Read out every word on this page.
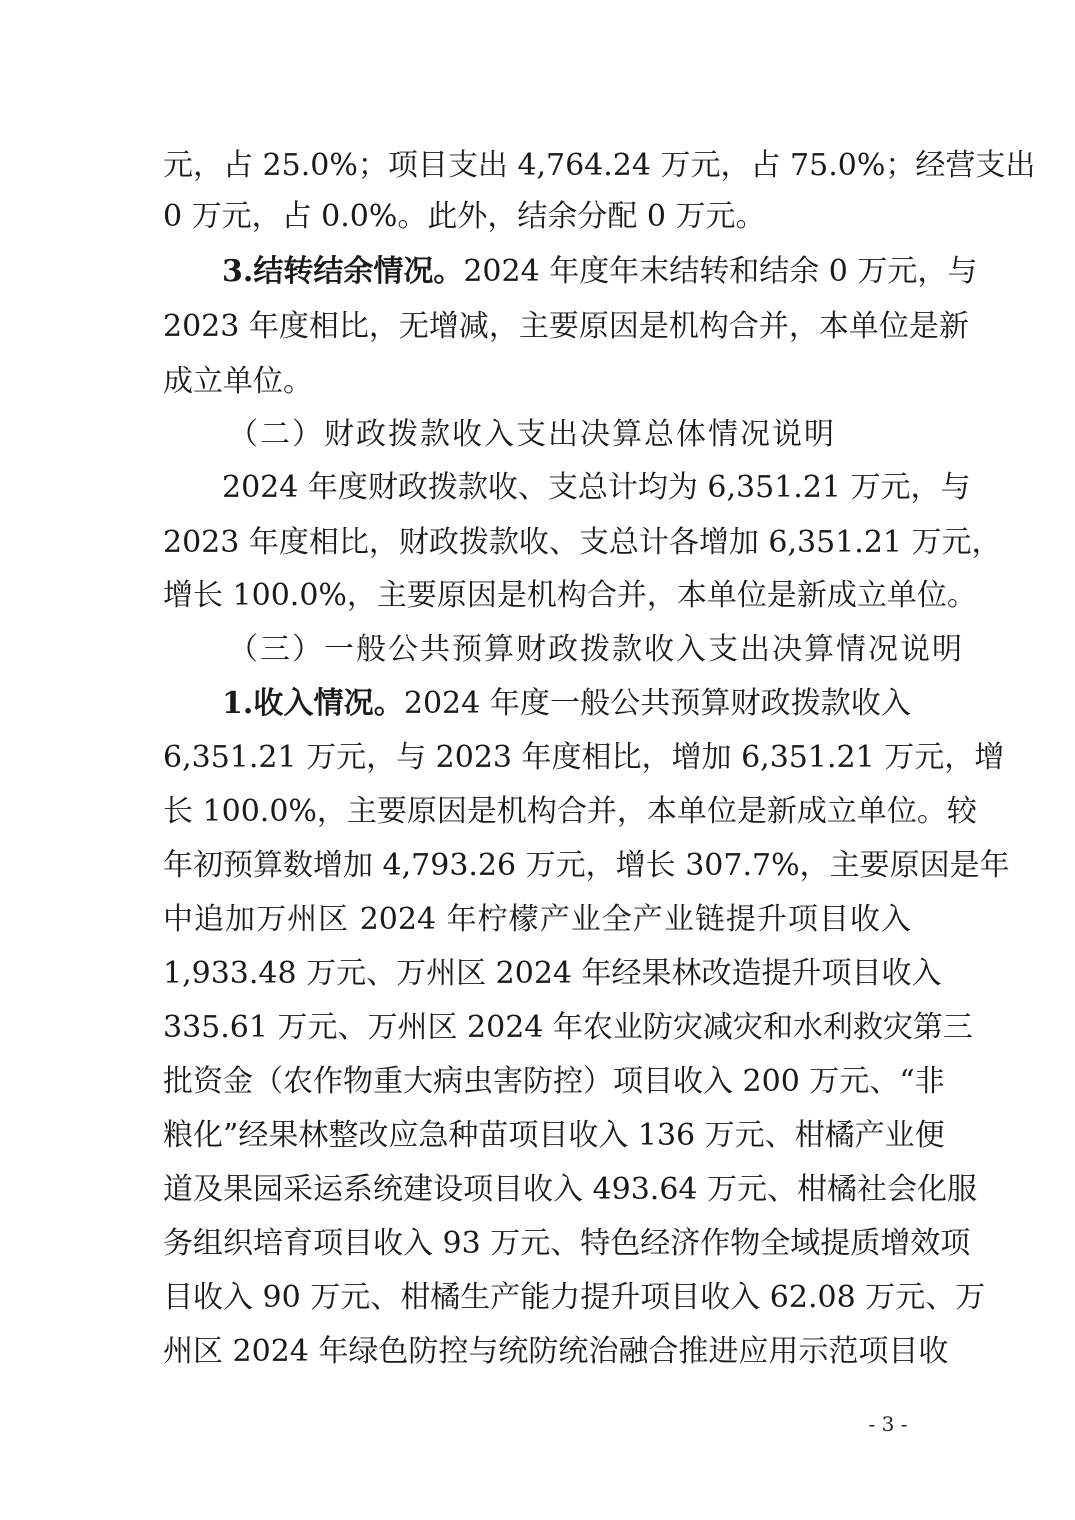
元，占 25.0%；项目支出 4,764.24 万元，占 75.0%；经营支出
0 万元，占 0.0%。此外，结余分配 0 万元。
3.结转结余情况。2024 年度年末结转和结余 0 万元，与
2023 年度相比，无增减，主要原因是机构合并，本单位是新
成立单位。
（二）财政拨款收入支出决算总体情况说明
2024 年度财政拨款收、支总计均为 6,351.21 万元，与
2023 年度相比，财政拨款收、支总计各增加 6,351.21 万元，
增长 100.0%，主要原因是机构合并，本单位是新成立单位。
（三）一般公共预算财政拨款收入支出决算情况说明
1.收入情况。2024 年度一般公共预算财政拨款收入
6,351.21 万元，与 2023 年度相比，增加 6,351.21 万元，增
长 100.0%，主要原因是机构合并，本单位是新成立单位。较
年初预算数增加 4,793.26 万元，增长 307.7%，主要原因是年
中追加万州区 2024 年柠檬产业全产业链提升项目收入
1,933.48 万元、万州区 2024 年经果林改造提升项目收入
335.61 万元、万州区 2024 年农业防灾减灾和水利救灾第三
批资金（农作物重大病虫害防控）项目收入 200 万元、“非
粮化”经果林整改应急种苗项目收入 136 万元、柑橘产业便
道及果园采运系统建设项目收入 493.64 万元、柑橘社会化服
务组织培育项目收入 93 万元、特色经济作物全域提质增效项
目收入 90 万元、柑橘生产能力提升项目收入 62.08 万元、万
州区 2024 年绿色防控与统防统治融合推进应用示范项目收
- 3 -
